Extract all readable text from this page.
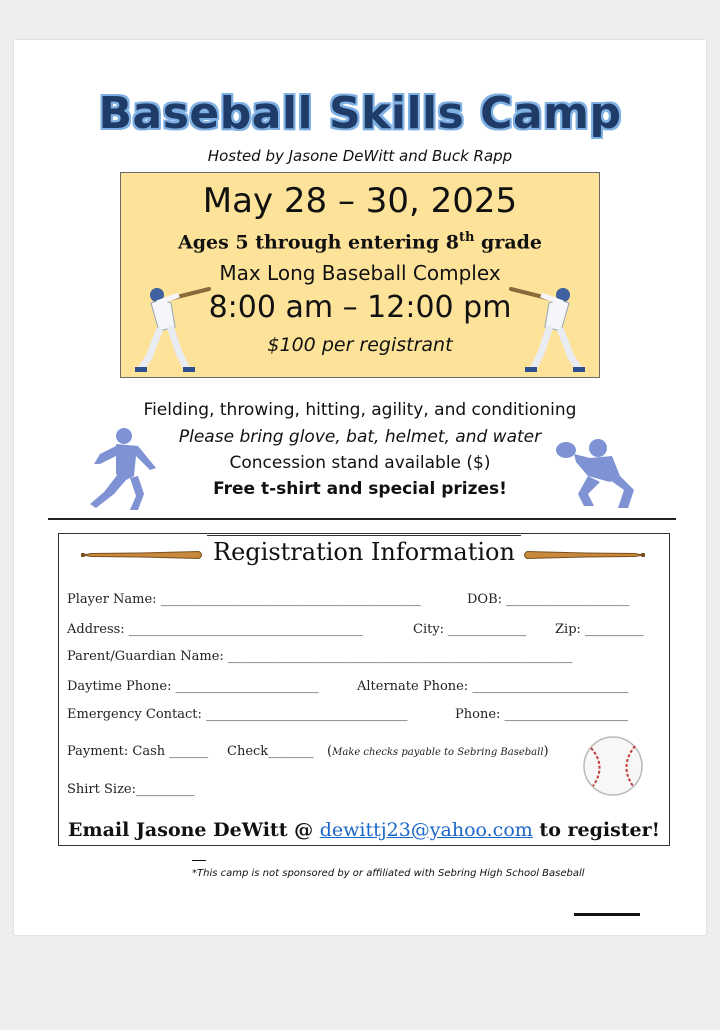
Baseball Skills Camp
Hosted by Jasone DeWitt and Buck Rapp
May 28 – 30, 2025
Ages 5 through entering 8th grade
Max Long Baseball Complex
8:00 am – 12:00 pm
$100 per registrant
Fielding, throwing, hitting, agility, and conditioning
Please bring glove, bat, helmet, and water
Concession stand available ($)
Free t-shirt and special prizes!
Registration Information
Player Name: ________________________________________	DOB: ___________________
Address: ____________________________________	City: ____________ Zip: _________
Parent/Guardian Name: _____________________________________________________
Daytime Phone: ______________________	Alternate Phone: ________________________
Emergency Contact: _______________________________	Phone: ___________________
Payment: Cash ______ Check_______ (Make checks payable to Sebring Baseball)
Shirt Size:_________
Email Jasone DeWitt @ dewittj23@yahoo.com to register!
*This camp is not sponsored by or affiliated with Sebring High School Baseball
